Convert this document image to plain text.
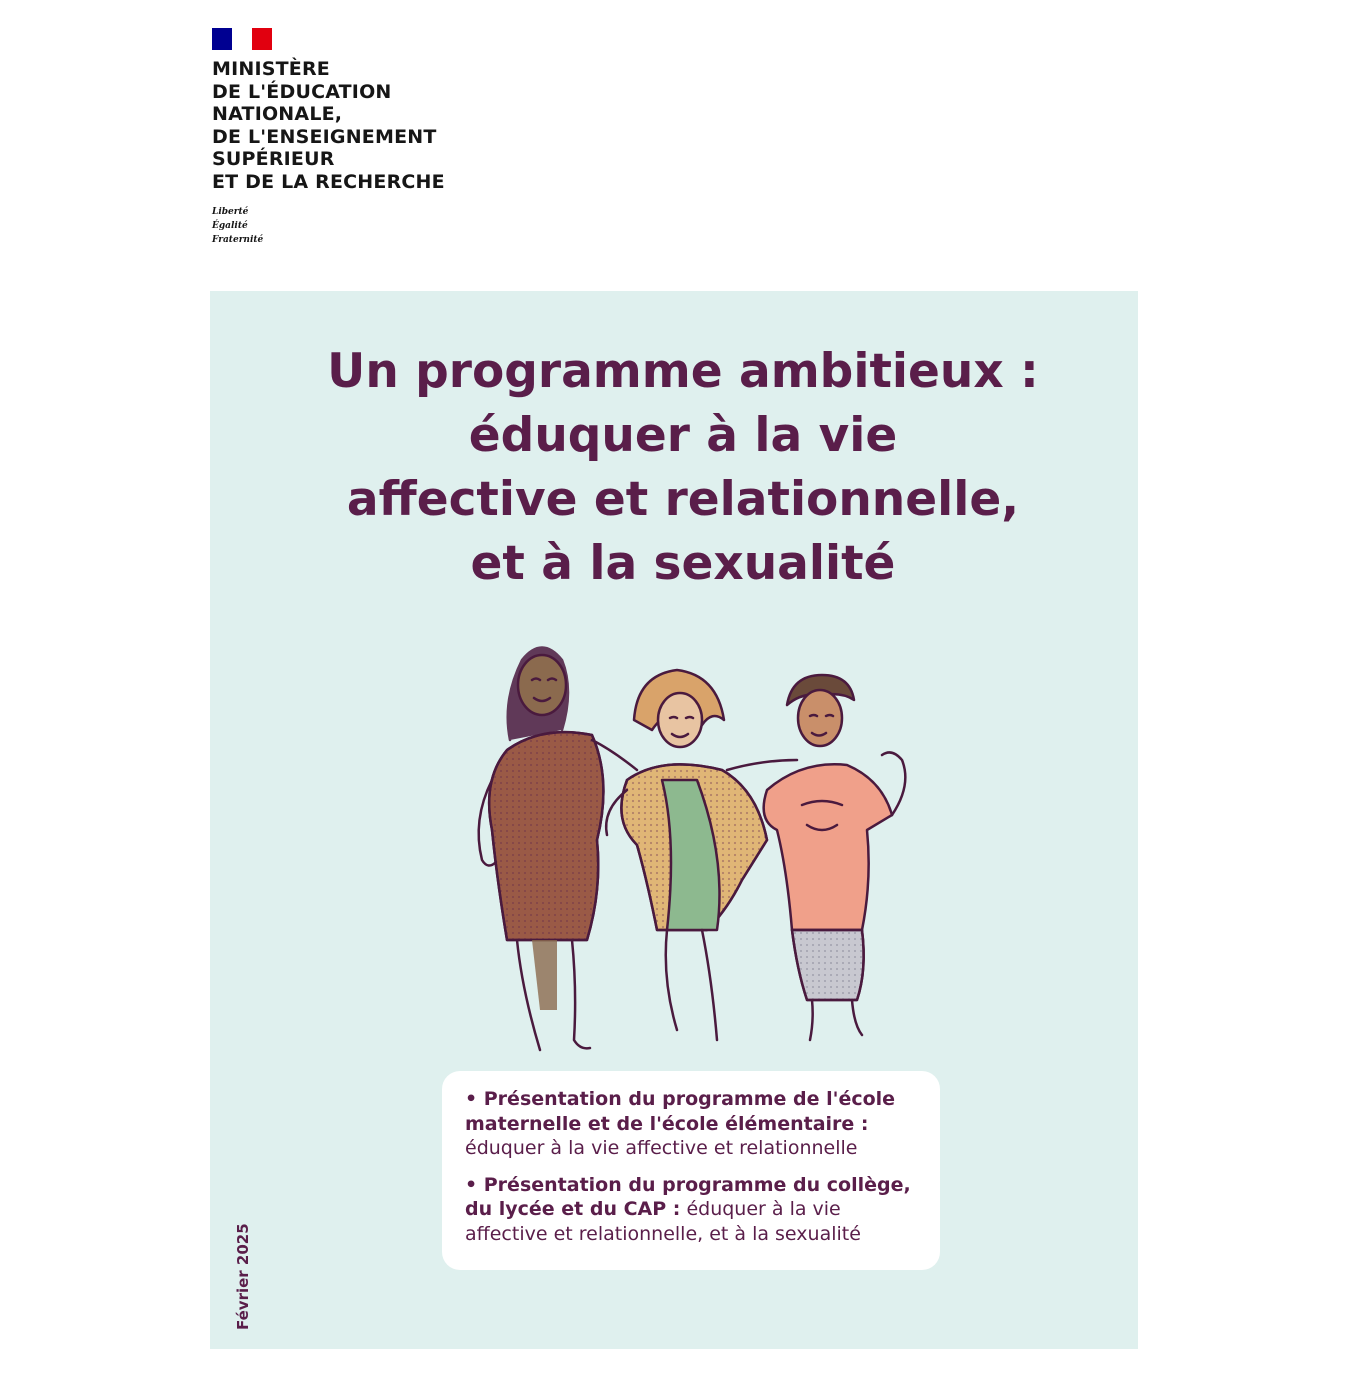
MINISTÈRE
DE L'ÉDUCATION
NATIONALE,
DE L'ENSEIGNEMENT
SUPÉRIEUR
ET DE LA RECHERCHE
Liberté
Égalité
Fraternité
Un programme ambitieux :
éduquer à la vie
affective et relationnelle,
et à la sexualité
• Présentation du programme de l'école maternelle et de l'école élémentaire : éduquer à la vie affective et relationnelle
• Présentation du programme du collège, du lycée et du CAP : éduquer à la vie affective et relationnelle, et à la sexualité
Février 2025
